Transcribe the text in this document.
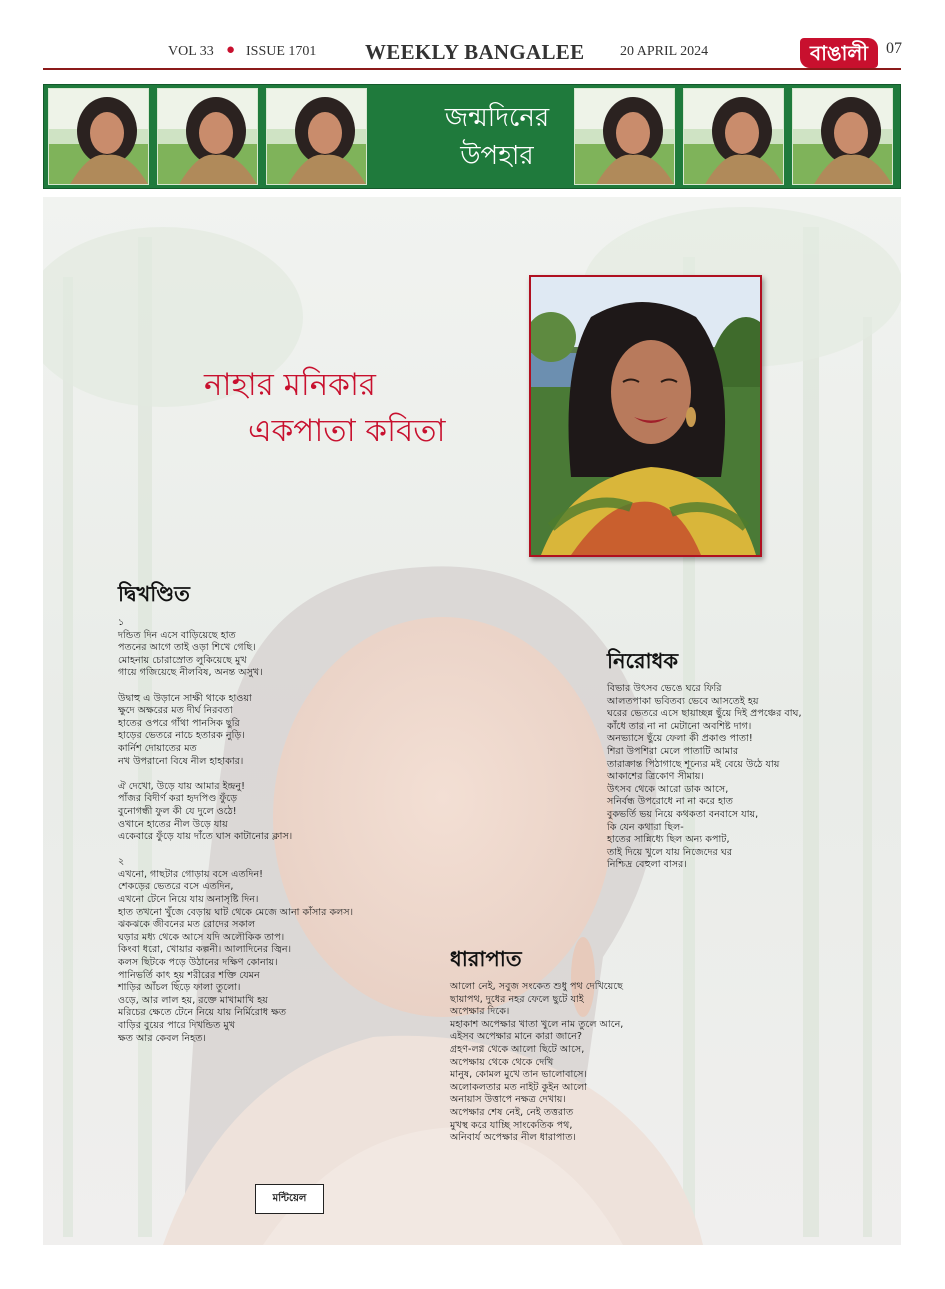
VOL 33 ● ISSUE 1701 WEEKLY BANGALEE	20 APRIL 2024	বাঙালী	07
জন্মদিনের
উপহার
নাহার মনিকার
একপাতা কবিতা
দ্বিখণ্ডিত
১
দন্ডিত দিন এসে বাড়িয়েছে হাত
পতনের আগে তাই ওড়া শিখে গেছি।
মোহনায় চোরাস্রোত লুকিয়েছে মুখ
গায়ে গজিয়েছে নীলবিষ, অনন্ত অসুখ।
উদ্বাহু এ উড়ানে সাক্ষী থাকে হাওয়া
ক্ষুদে অক্ষরের মত দীর্ঘ নিরবতা
হাতের ওপরে গাঁথা পানসিক ছুরি
হাড়ের ভেতরে নাচে হতারক নুড়ি।
কার্নিশ দোয়াতের মত
নখ উপরানো বিষে নীল হাহাকার।
ঐ দেখো, উড়ে যায় আমার ইন্দ্রনু!
পাঁজর বিদীর্ণ করা হৃদপিণ্ড ফুঁড়ে
বুনোগন্ধী ফুল কী যে দুলে ওঠে!
ওখানে হাতের নীল উড়ে যায়
একেবারে ফুঁড়ে যায় দাঁতে ঘাস কাটানোর ক্লাস।
২
এখনো, গাছটার গোড়ায় বসে এতদিন!
শেকড়ের ভেতরে বসে এতদিন,
এখনো টেনে নিয়ে যায় অনাসৃষ্টি দিন।
হাত তখনো খুঁজে বেড়ায় ঘাট থেকে মেজে আনা কাঁসার কলস।
ঝকঝকে জীবনের মত রোদের সকাল
ঘড়ার মধ্য থেকে আসে যদি অলৌকিক তাপ।
কিংবা ধরো, খোয়ার কল্পনী। আলাদিনের জ্বিন।
কলস ছিটকে পড়ে উঠানের দক্ষিণ কোনায়।
পানিভর্তি কাৎ হয় শরীরের শক্তি যেমন
শাড়ির আঁচল ছিঁড়ে ফালা তুলো।
ওড়ে, আর লাল হয়, রক্তে মাখামাখি হয়
মরিচের ক্ষেতে টেনে নিয়ে যায় নির্মিরোধ ক্ষত
বাড়ির বুয়ের পারে দিখন্ডিত মুখ
ক্ষত আর কেবল নিহত।
নিরোধক
বিভার উৎসব ভেঙে ঘরে ফিরি
আলতপাকা ভবিতব্য ভেবে আসতেই হয়
ঘরের ভেতরে এসে ছায়াচ্ছন্ন ছুঁয়ে দিই প্রপঞ্চের বাঘ,
কাঁধে তার না না মেটানো অবশিষ্ট দাগ।
অনভ্যাসে ছুঁয়ে ফেলা কী প্রকাণ্ড পাতা!
শিরা উপশিরা মেলে পাতাটি আমার
তারাক্রান্ত পিঠাগাছে শূন্যের মই বেয়ে উঠে যায়
আকাশের ত্রিকোণ সীমায়।
উৎসব থেকে আরো ডাক আসে,
সনির্বন্ধ উপরোধে না না করে হাত
বুকভর্তি ভয় নিয়ে কথকতা বনবাসে যায়,
কি যেন কথারা ছিল-
হাতের সান্নিধ্যে ছিল অন্য কপাট,
তাই দিয়ে খুলে যায় নিজেদের ঘর
নিশ্চিদ্র বেহুলা বাসর।
ধারাপাত
আলো নেই, সবুজ সংকেত শুধু পথ দেখিয়েছে
ছায়াপথ, দুধের নহর ফেলে ছুটে যাই
অপেক্ষার দিকে।
মহাকাশ অপেক্ষার খাতা খুলে নাম তুলে আনে,
এইসব অপেক্ষার মানে কারা জানে?
গ্রহণ-লগ্ন থেকে আলো ছিটে আসে,
অপেক্ষায় থেকে থেকে দেখি
মানুষ, কোমল মুখে তান ভালোবাসে।
অলোকলতার মত নাইট কুইন আলো
অনায়াস উত্তাপে নক্ষত্র দেখায়।
অপেক্ষার শেষ নেই, নেই তত্তরাত
মুখস্থ করে যাচ্ছি সাংকেতিক পথ,
অনিবার্য অপেক্ষার নীল ধারাপাত।
মন্টিয়েল
